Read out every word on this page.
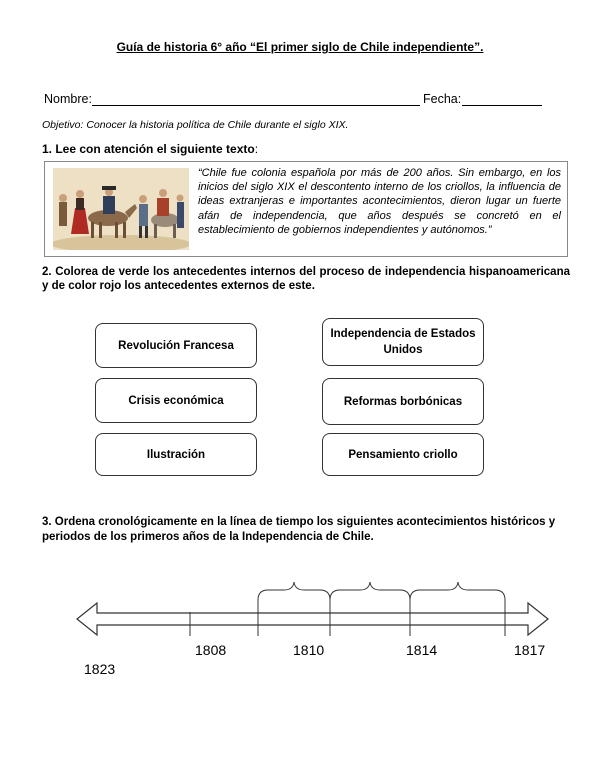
Guía de historia 6° año “El primer siglo de Chile independiente”.
Nombre:	Fecha:
Objetivo: Conocer la historia política de Chile durante el siglo XIX.
1. Lee con atención el siguiente texto:
“Chile fue colonia española por más de 200 años. Sin embargo, en los inicios del siglo XIX el descontento interno de los criollos, la influencia de ideas extranjeras e importantes acontecimientos, dieron lugar un fuerte afán de independencia, que años después se concretó en el establecimiento de gobiernos independientes y autónomos.”
2. Colorea de verde los antecedentes internos del proceso de independencia hispanoamericana y de color rojo los antecedentes externos de este.
Revolución Francesa
Independencia de Estados Unidos
Crisis económica	Reformas borbónicas
Ilustración	Pensamiento criollo
3. Ordena cronológicamente en la línea de tiempo los siguientes acontecimientos históricos y periodos de los primeros años de la Independencia de Chile.
1808	1810	1814	1817
1823
